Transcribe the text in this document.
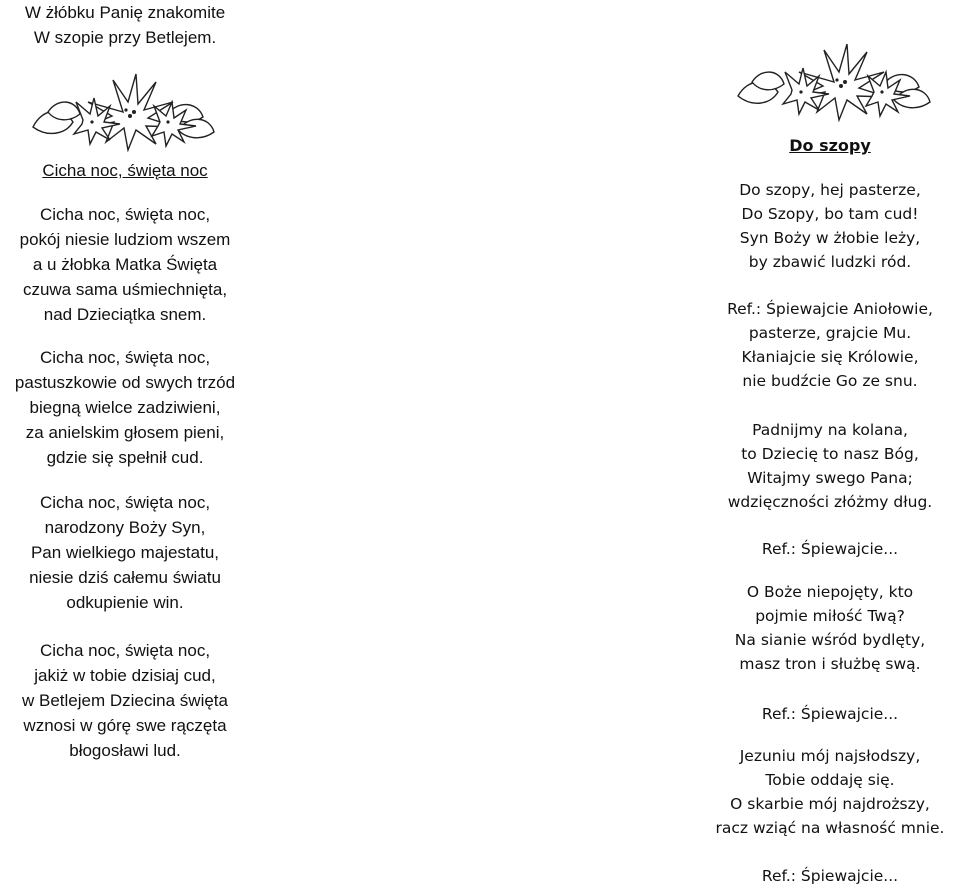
W żłóbku Panię znakomite
W szopie przy Betlejem.
Cicha noc, święta noc
Cicha noc, święta noc,
pokój niesie ludziom wszem
a u żłobka Matka Święta
czuwa sama uśmiechnięta,
nad Dzieciątka snem.
Cicha noc, święta noc,
pastuszkowie od swych trzód
biegną wielce zadziwieni,
za anielskim głosem pieni,
gdzie się spełnił cud.
Cicha noc, święta noc,
narodzony Boży Syn,
Pan wielkiego majestatu,
niesie dziś całemu światu
odkupienie win.
Cicha noc, święta noc,
jakiż w tobie dzisiaj cud,
w Betlejem Dziecina święta
wznosi w górę swe rączęta
błogosławi lud.
Do szopy
Do szopy, hej pasterze,
Do Szopy, bo tam cud!
Syn Boży w żłobie leży,
by zbawić ludzki ród.
Ref.: Śpiewajcie Aniołowie,
pasterze, grajcie Mu.
Kłaniajcie się Królowie,
nie budźcie Go ze snu.
Padnijmy na kolana,
to Dziecię to nasz Bóg,
Witajmy swego Pana;
wdzięczności złóżmy dług.
Ref.: Śpiewajcie...
O Boże niepojęty, kto
pojmie miłość Twą?
Na sianie wśród bydlęty,
masz tron i służbę swą.
Ref.: Śpiewajcie...
Jezuniu mój najsłodszy,
Tobie oddaję się.
O skarbie mój najdroższy,
racz wziąć na własność mnie.
Ref.: Śpiewajcie...
